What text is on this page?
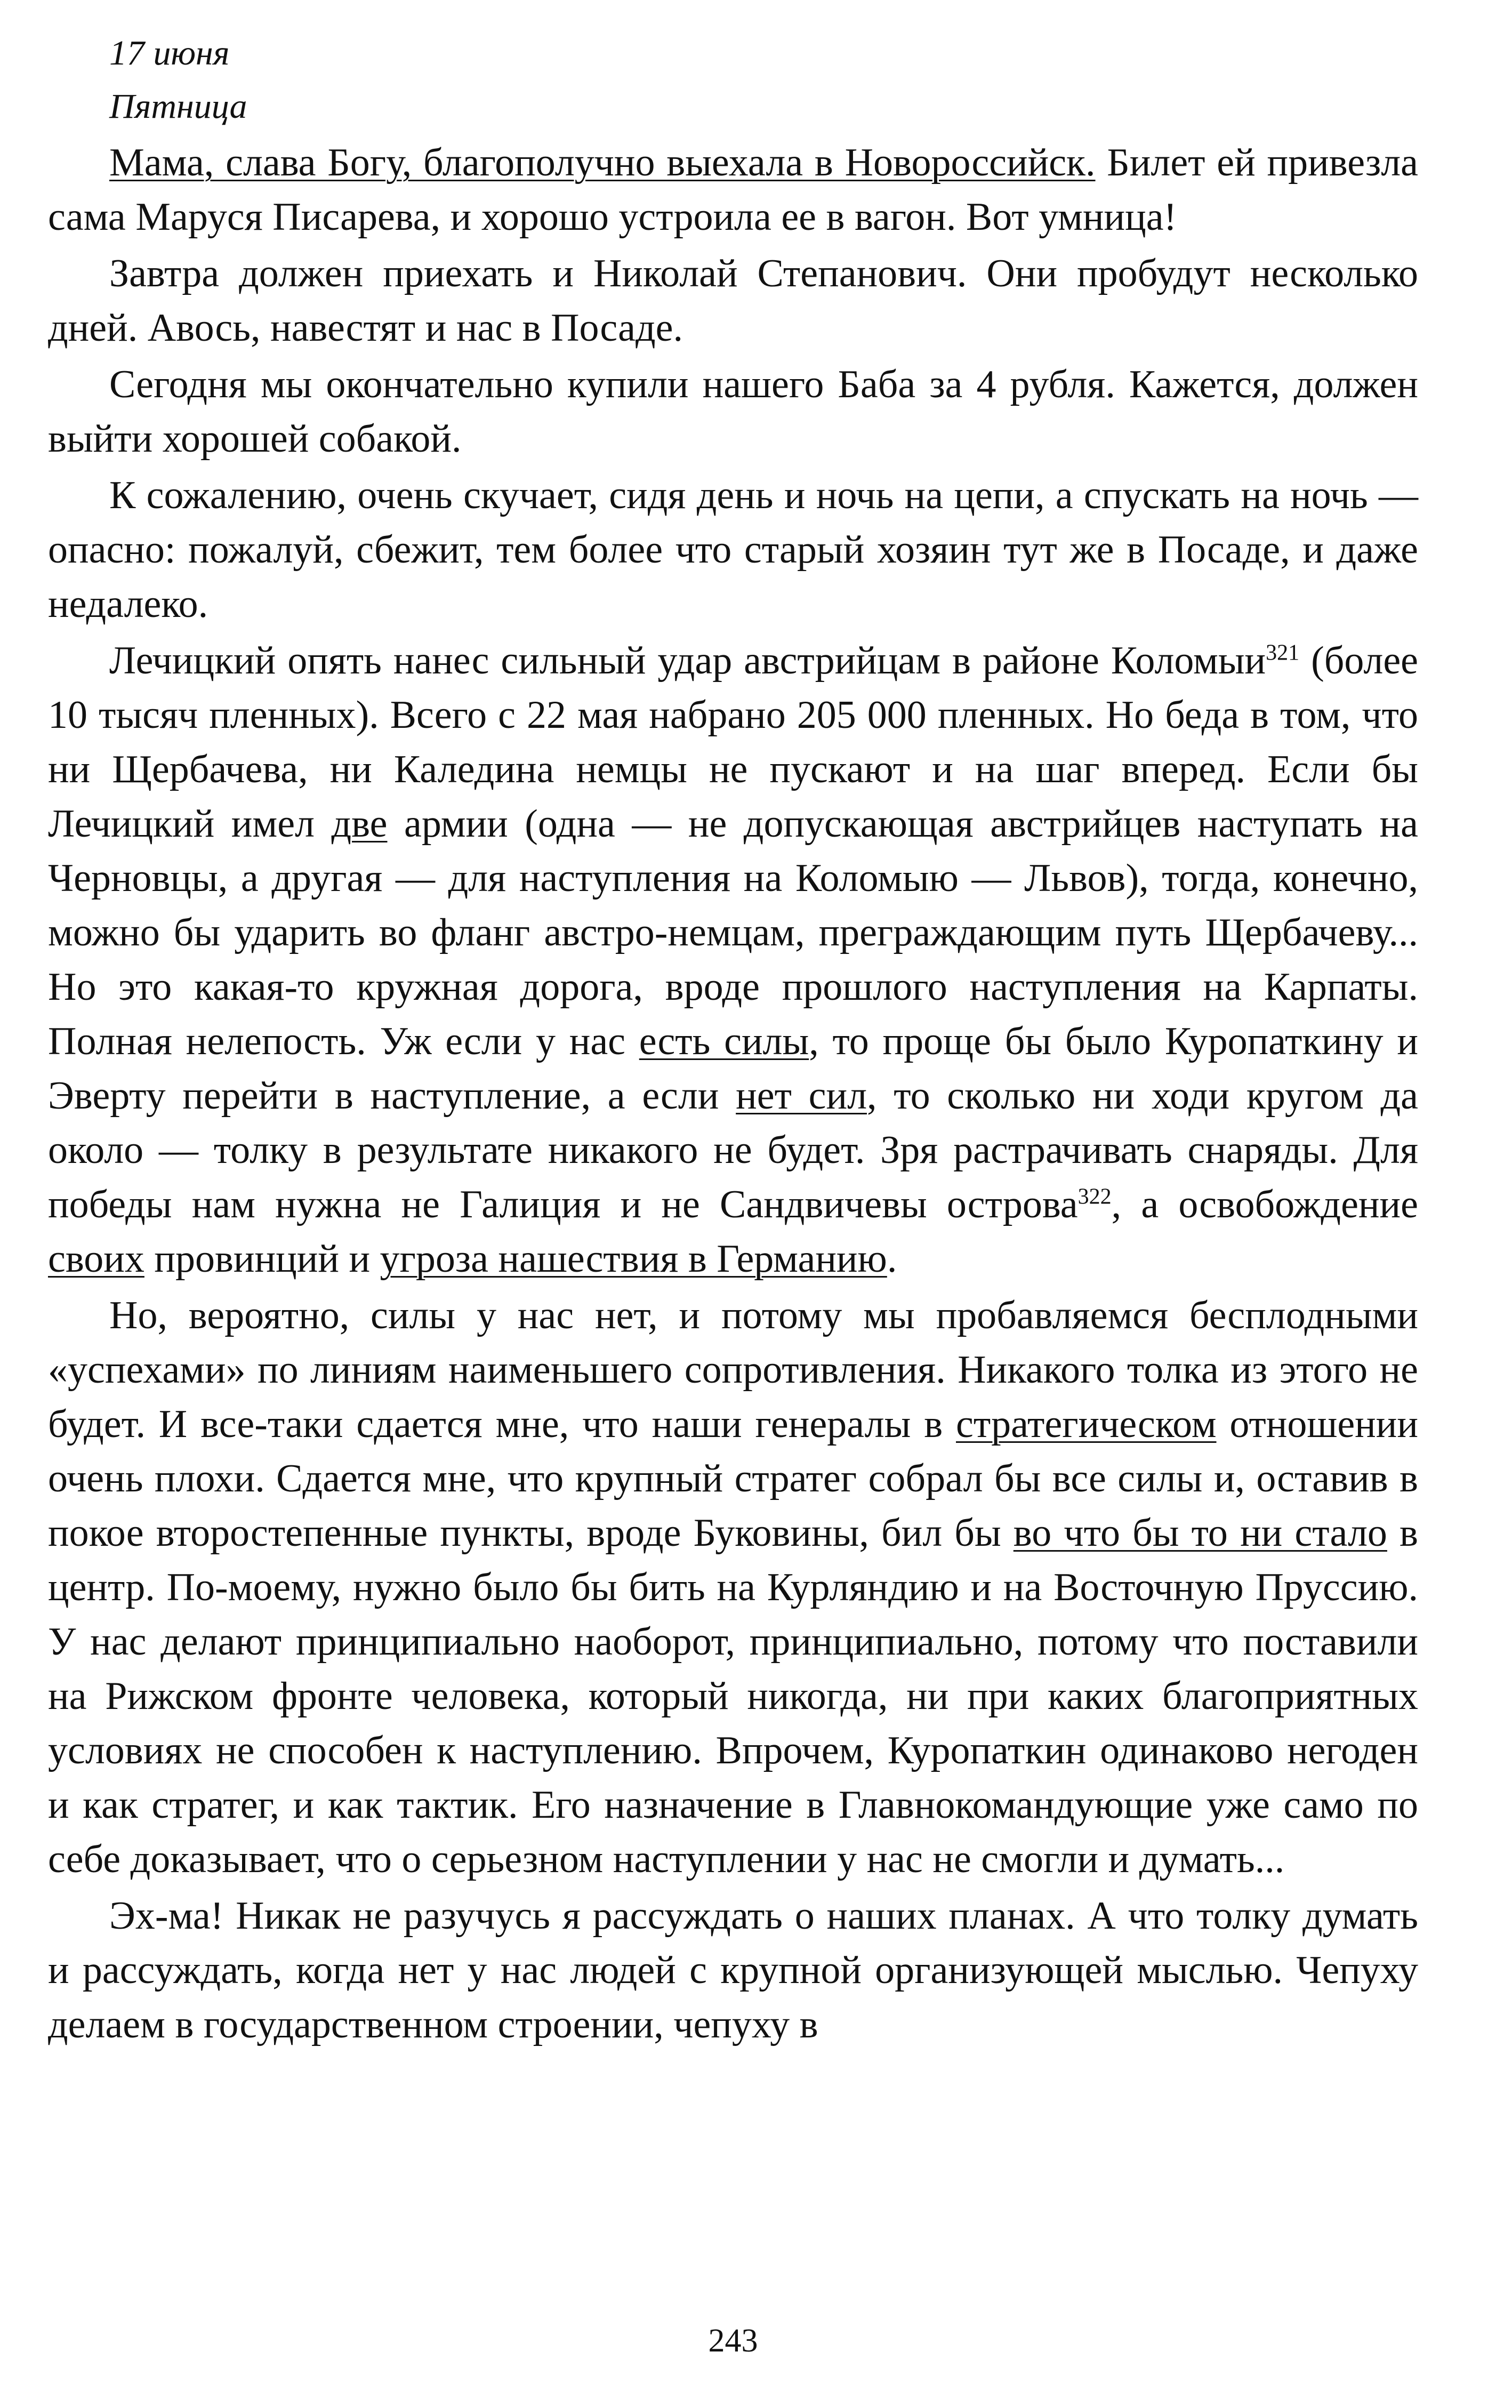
17 июня
Пятница

Мама, слава Богу, благополучно выехала в Новороссийск. Билет ей привезла сама Маруся Писарева, и хорошо устроила ее в вагон. Вот умница!

Завтра должен приехать и Николай Степанович. Они пробудут несколько дней. Авось, навестят и нас в Посаде.

Сегодня мы окончательно купили нашего Баба за 4 рубля. Кажется, должен выйти хорошей собакой.

К сожалению, очень скучает, сидя день и ночь на цепи, а спускать на ночь — опасно: пожалуй, сбежит, тем более что старый хозяин тут же в Посаде, и даже недалеко.

Лечицкий опять нанес сильный удар австрийцам в районе Коломыи$^{321}$ (более 10 тысяч пленных). Всего с 22 мая набрано 205 000 пленных. Но беда в том, что ни Щербачева, ни Каледина немцы не пускают и на шаг вперед. Если бы Лечицкий имел две армии (одна — не допускающая австрийцев наступать на Черновцы, а другая — для наступления на Коломыю — Львов), тогда, конечно, можно бы ударить во фланг австро-немцам, преграждающим путь Щербачеву... Но это какая-то кружная дорога, вроде прошлого наступления на Карпаты. Полная нелепость. Уж если у нас есть силы, то проще бы было Куропаткину и Эверту перейти в наступление, а если нет сил, то сколько ни ходи кругом да около — толку в результате никакого не будет. Зря растрачивать снаряды. Для победы нам нужна не Галиция и не Сандвичевы острова$^{322}$, а освобождение своих провинций и угроза нашествия в Германию.

Но, вероятно, силы у нас нет, и потому мы пробавляемся бесплодными «успехами» по линиям наименьшего сопротивления. Никакого толка из этого не будет. И все-таки сдается мне, что наши генералы в стратегическом отношении очень плохи. Сдается мне, что крупный стратег собрал бы все силы и, оставив в покое второстепенные пункты, вроде Буковины, бил бы во что бы то ни стало в центр. По-моему, нужно было бы бить на Курляндию и на Восточную Пруссию. У нас делают принципиально наоборот, принципиально, потому что поставили на Рижском фронте человека, который никогда, ни при каких благоприятных условиях не способен к наступлению. Впрочем, Куропаткин одинаково негоден и как стратег, и как тактик. Его назначение в Главнокомандующие уже само по себе доказывает, что о серьезном наступлении у нас не смогли и думать...

Эх-ма! Никак не разучусь я рассуждать о наших планах. А что толку думать и рассуждать, когда нет у нас людей с крупной организующей мыслью. Чепуху делаем в государственном строении, чепуху в

243
